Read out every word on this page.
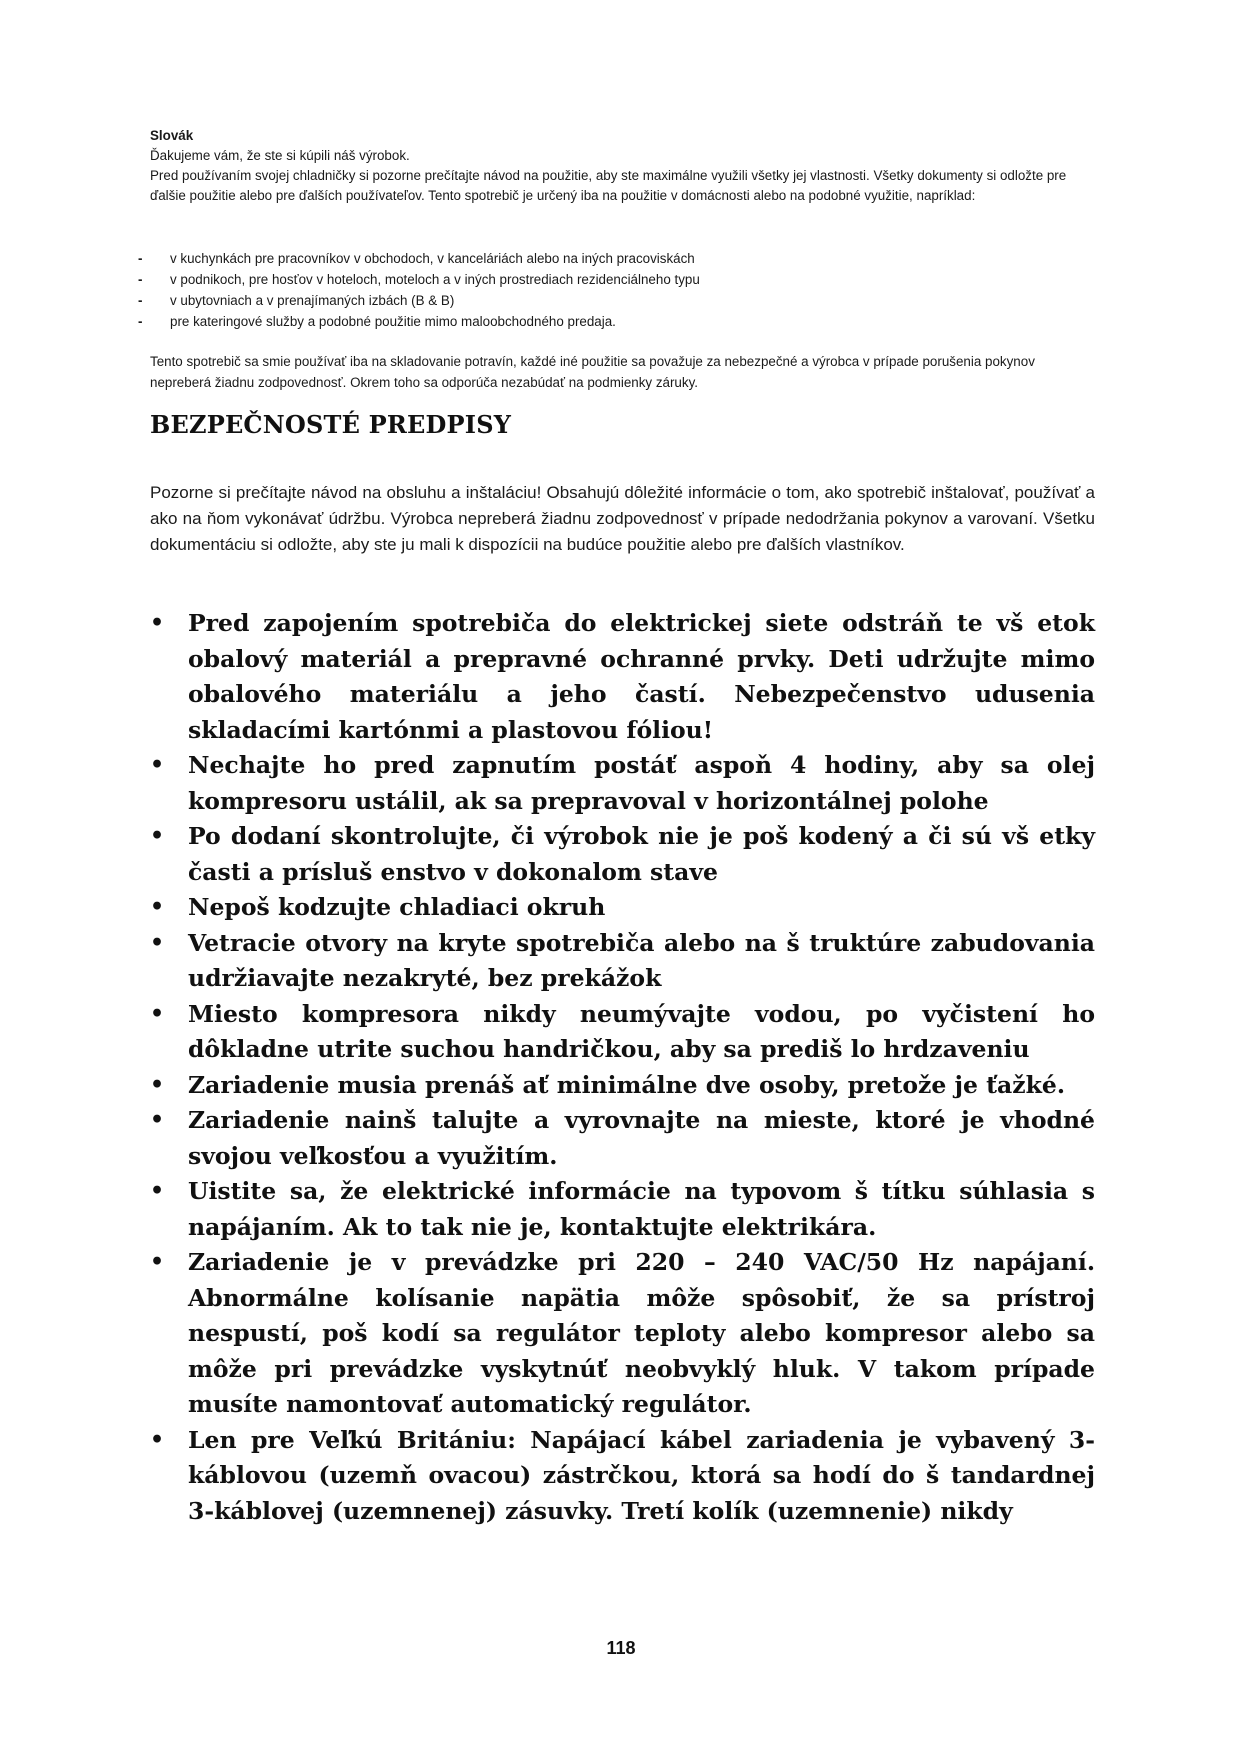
Slovák

Ďakujeme vám, že ste si kúpili náš výrobok.

Pred používaním svojej chladničky si pozorne prečítajte návod na použitie, aby ste maximálne využili všetky jej vlastnosti. Všetky dokumenty si odložte pre ďalšie použitie alebo pre ďalších používateľov. Tento spotrebič je určený iba na použitie v domácnosti alebo na podobné využitie, napríklad:

- v kuchynkách pre pracovníkov v obchodoch, v kanceláriách alebo na iných pracoviskách
- v podnikoch, pre hosťov v hoteloch, moteloch a v iných prostrediach rezidenciálneho typu
- v ubytovniach a v prenajímaných izbách (B & B)
- pre kateringové služby a podobné použitie mimo maloobchodného predaja.

Tento spotrebič sa smie používať iba na skladovanie potravín, každé iné použitie sa považuje za nebezpečné a výrobca v prípade porušenia pokynov nepreberá žiadnu zodpovednosť. Okrem toho sa odporúča nezabúdať na podmienky záruky.

BEZPEČNOSTÉ PREDPISY

Pozorne si prečítajte návod na obsluhu a inštaláciu! Obsahujú dôležité informácie o tom, ako spotrebič inštalovať, používať a ako na ňom vykonávať údržbu. Výrobca nepreberá žiadnu zodpovednosť v prípade nedodržania pokynov a varovaní. Všetku dokumentáciu si odložte, aby ste ju mali k dispozícii na budúce použitie alebo pre ďalších vlastníkov.

• Pred zapojením spotrebiča do elektrickej siete odstráň te vš etok obalový materiál a prepravné ochranné prvky. Deti udržujte mimo obalového materiálu a jeho častí. Nebezpečenstvo udusenia skladacími kartónmi a plastovou fóliou!
• Nechajte ho pred zapnutím postáť aspoň 4 hodiny, aby sa olej kompresoru ustálil, ak sa prepravoval v horizontálnej polohe
• Po dodaní skontrolujte, či výrobok nie je poš kodený a či sú vš etky časti a prísluš enstvo v dokonalom stave
• Nepoš kodzujte chladiaci okruh
• Vetracie otvory na kryte spotrebiča alebo na š truktúre zabudovania udržiavajte nezakryté, bez prekážok
• Miesto kompresora nikdy neumývajte vodou, po vyčistení ho dôkladne utrite suchou handričkou, aby sa prediš lo hrdzaveniu
• Zariadenie musia prenáš ať minimálne dve osoby, pretože je ťažké.
• Zariadenie nainš talujte a vyrovnajte na mieste, ktoré je vhodné svojou veľkosťou a využitím.
• Uistite sa, že elektrické informácie na typovom š títku súhlasia s napájaním. Ak to tak nie je, kontaktujte elektrikára.
• Zariadenie je v prevádzke pri 220 – 240 VAC/50 Hz napájaní. Abnormálne kolísanie napätia môže spôsobiť, že sa prístroj nespustí, poš kodí sa regulátor teploty alebo kompresor alebo sa môže pri prevádzke vyskytnúť neobvyklý hluk. V takom prípade musíte namontovať automatický regulátor.
• Len pre Veľkú Britániu: Napájací kábel zariadenia je vybavený 3-káblovou (uzemň ovacou) zástrčkou, ktorá sa hodí do š tandardnej 3-káblovej (uzemnenej) zásuvky. Tretí kolík (uzemnenie) nikdy
118
